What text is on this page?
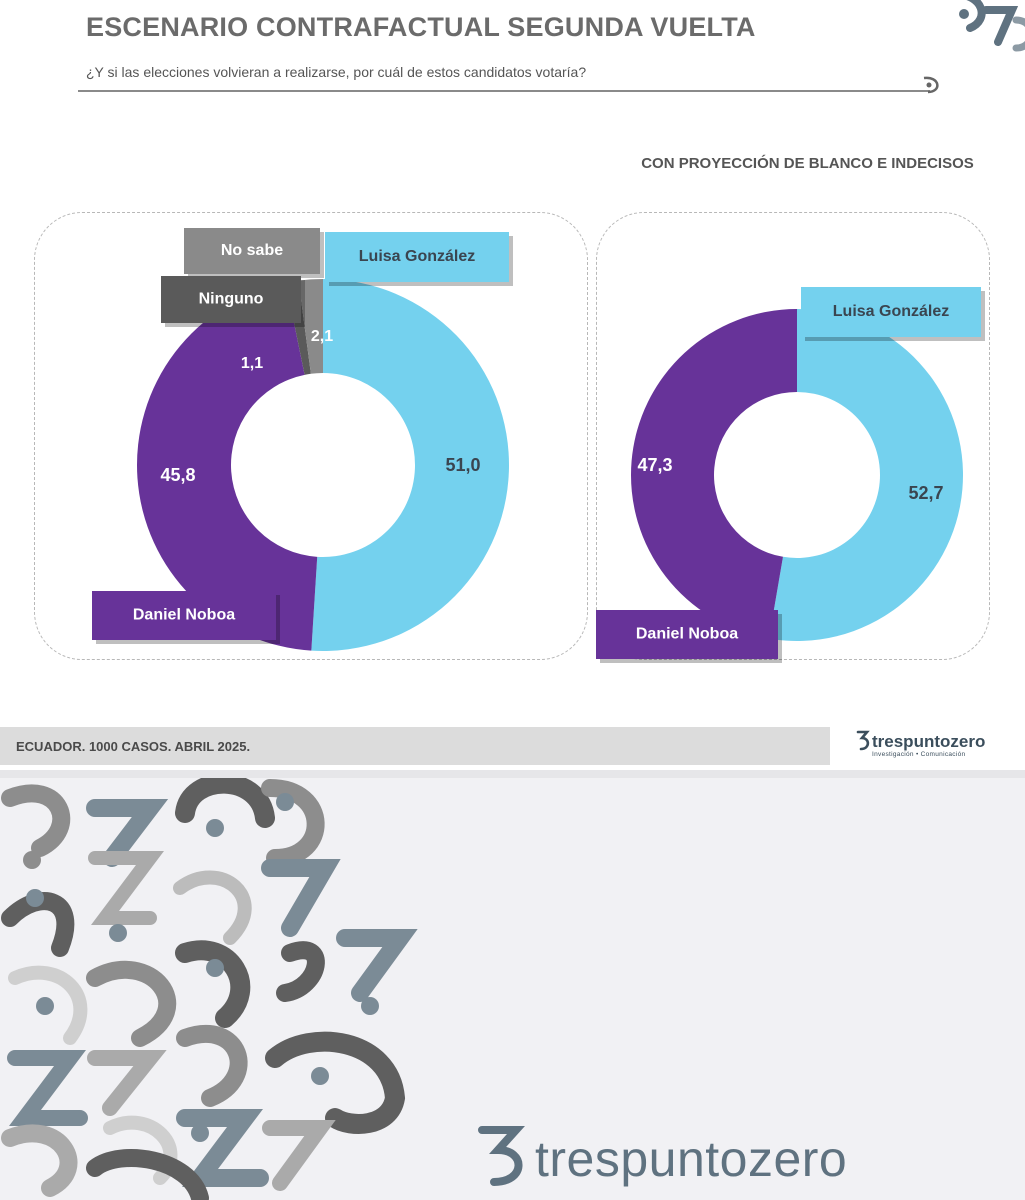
ESCENARIO CONTRAFACTUAL SEGUNDA VUELTA
¿Y si las elecciones volvieran a realizarse, por cuál de estos candidatos votaría?
CON PROYECCIÓN DE BLANCO E INDECISOS
51,0
45,8
1,1
2,1
Luisa González
No sabe
Ninguno
Daniel Noboa
52,7
47,3
Luisa González
Daniel Noboa
ECUADOR. 1000 CASOS. ABRIL 2025.	trespuntozero
Investigación • Comunicación
trespuntozero
